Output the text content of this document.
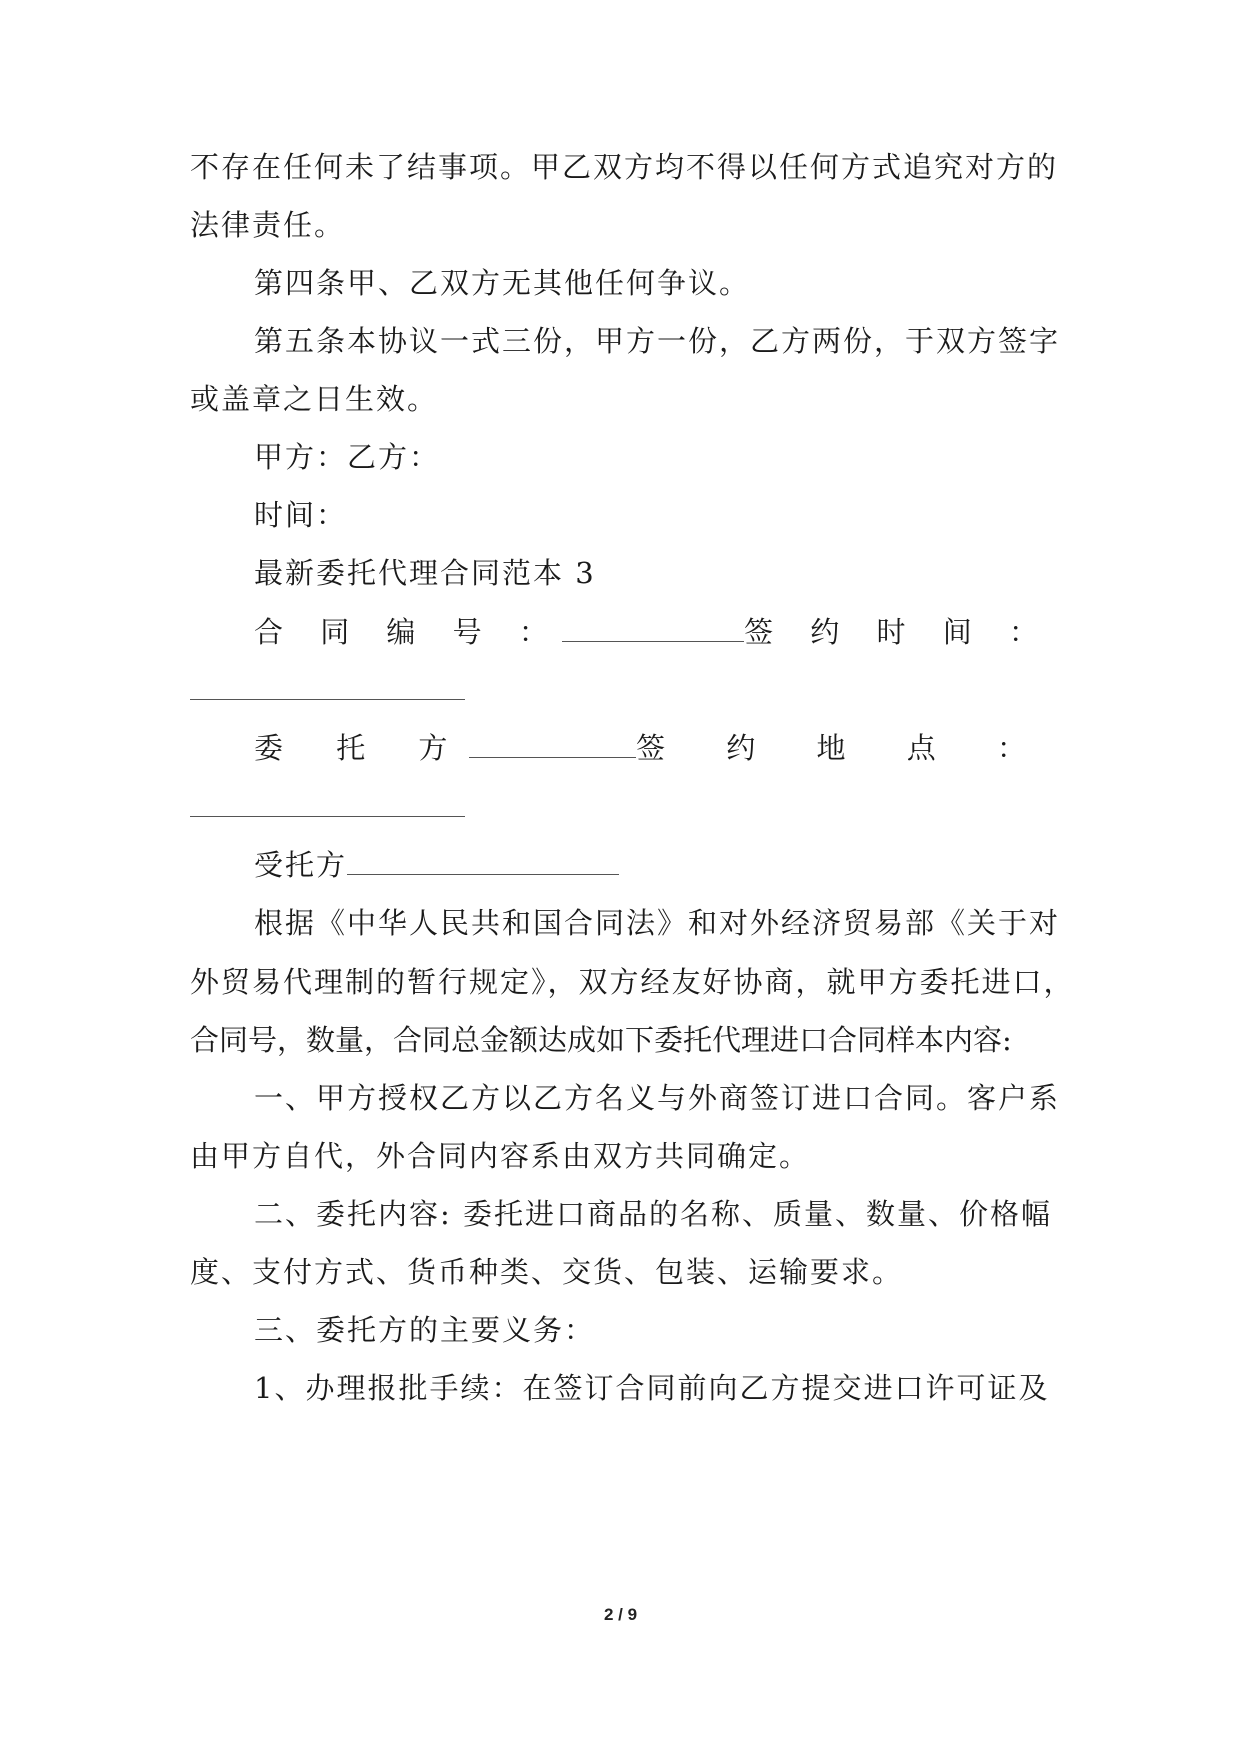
不存在任何未了结事项。甲乙双方均不得以任何方式追究对方的
法律责任。
第四条甲、乙双方无其他任何争议。
第五条本协议一式三份，甲方一份，乙方两份，于双方签字
或盖章之日生效。
甲方：乙方：
时间：
最新委托代理合同范本 3
合 同 编 号 ：	签 约 时 间 ：
委 托 方	签 约 地 点 ：
受托方
根据《中华人民共和国合同法》和对外经济贸易部《关于对
外贸易代理制的暂行规定》，双方经友好协商，就甲方委托进口，
合同号，数量，合同总金额达成如下委托代理进口合同样本内容:
一、甲方授权乙方以乙方名义与外商签订进口合同。客户系
由甲方自代，外合同内容系由双方共同确定。
二、委托内容: 委托进口商品的名称、质量、数量、价格幅
度、支付方式、货币种类、交货、包装、运输要求。
三、委托方的主要义务：
1、办理报批手续：在签订合同前向乙方提交进口许可证及
2 / 9
